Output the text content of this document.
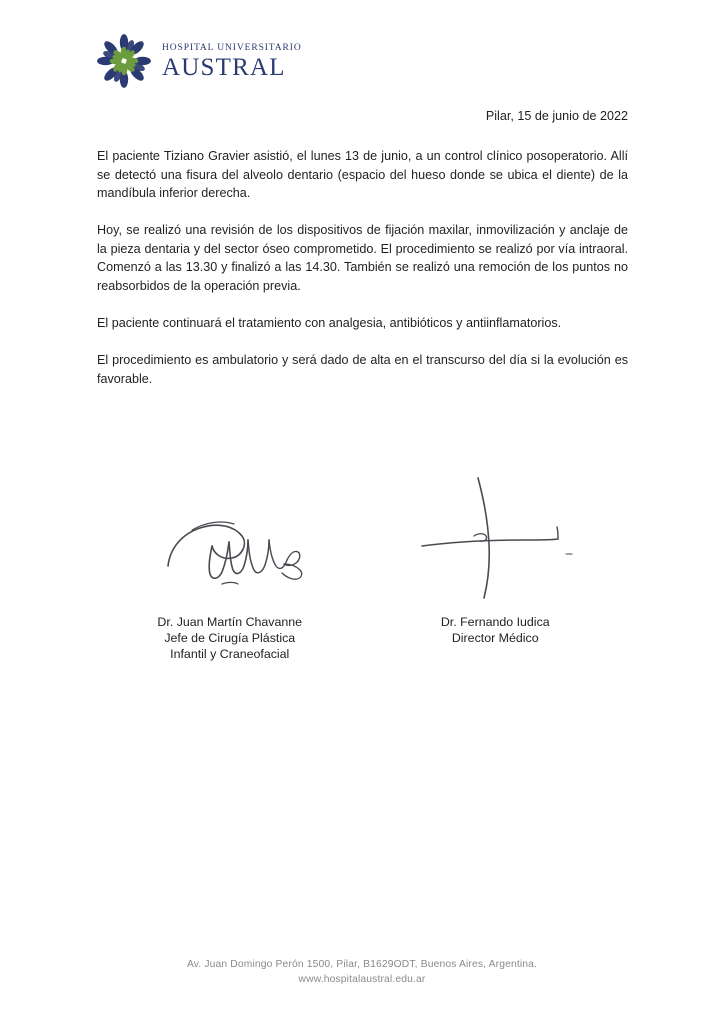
HOSPITAL UNIVERSITARIO
AUSTRAL
Pilar, 15 de junio de 2022

El paciente Tiziano Gravier asistió, el lunes 13 de junio, a un control clínico posoperatorio. Allí se detectó una fisura del alveolo dentario (espacio del hueso donde se ubica el diente) de la mandíbula inferior derecha.

Hoy, se realizó una revisión de los dispositivos de fijación maxilar, inmovilización y anclaje de la pieza dentaria y del sector óseo comprometido. El procedimiento se realizó por vía intraoral. Comenzó a las 13.30 y finalizó a las 14.30. También se realizó una remoción de los puntos no reabsorbidos de la operación previa.

El paciente continuará el tratamiento con analgesia, antibióticos y antiinflamatorios.

El procedimiento es ambulatorio y será dado de alta en el transcurso del día si la evolución es favorable.

Dr. Juan Martín Chavanne
Jefe de Cirugía Plástica
Infantil y Craneofacial
Dr. Fernando Iudica
Director Médico
Av. Juan Domingo Perón 1500, Pilar, B1629ODT, Buenos Aires, Argentina.
www.hospitalaustral.edu.ar
